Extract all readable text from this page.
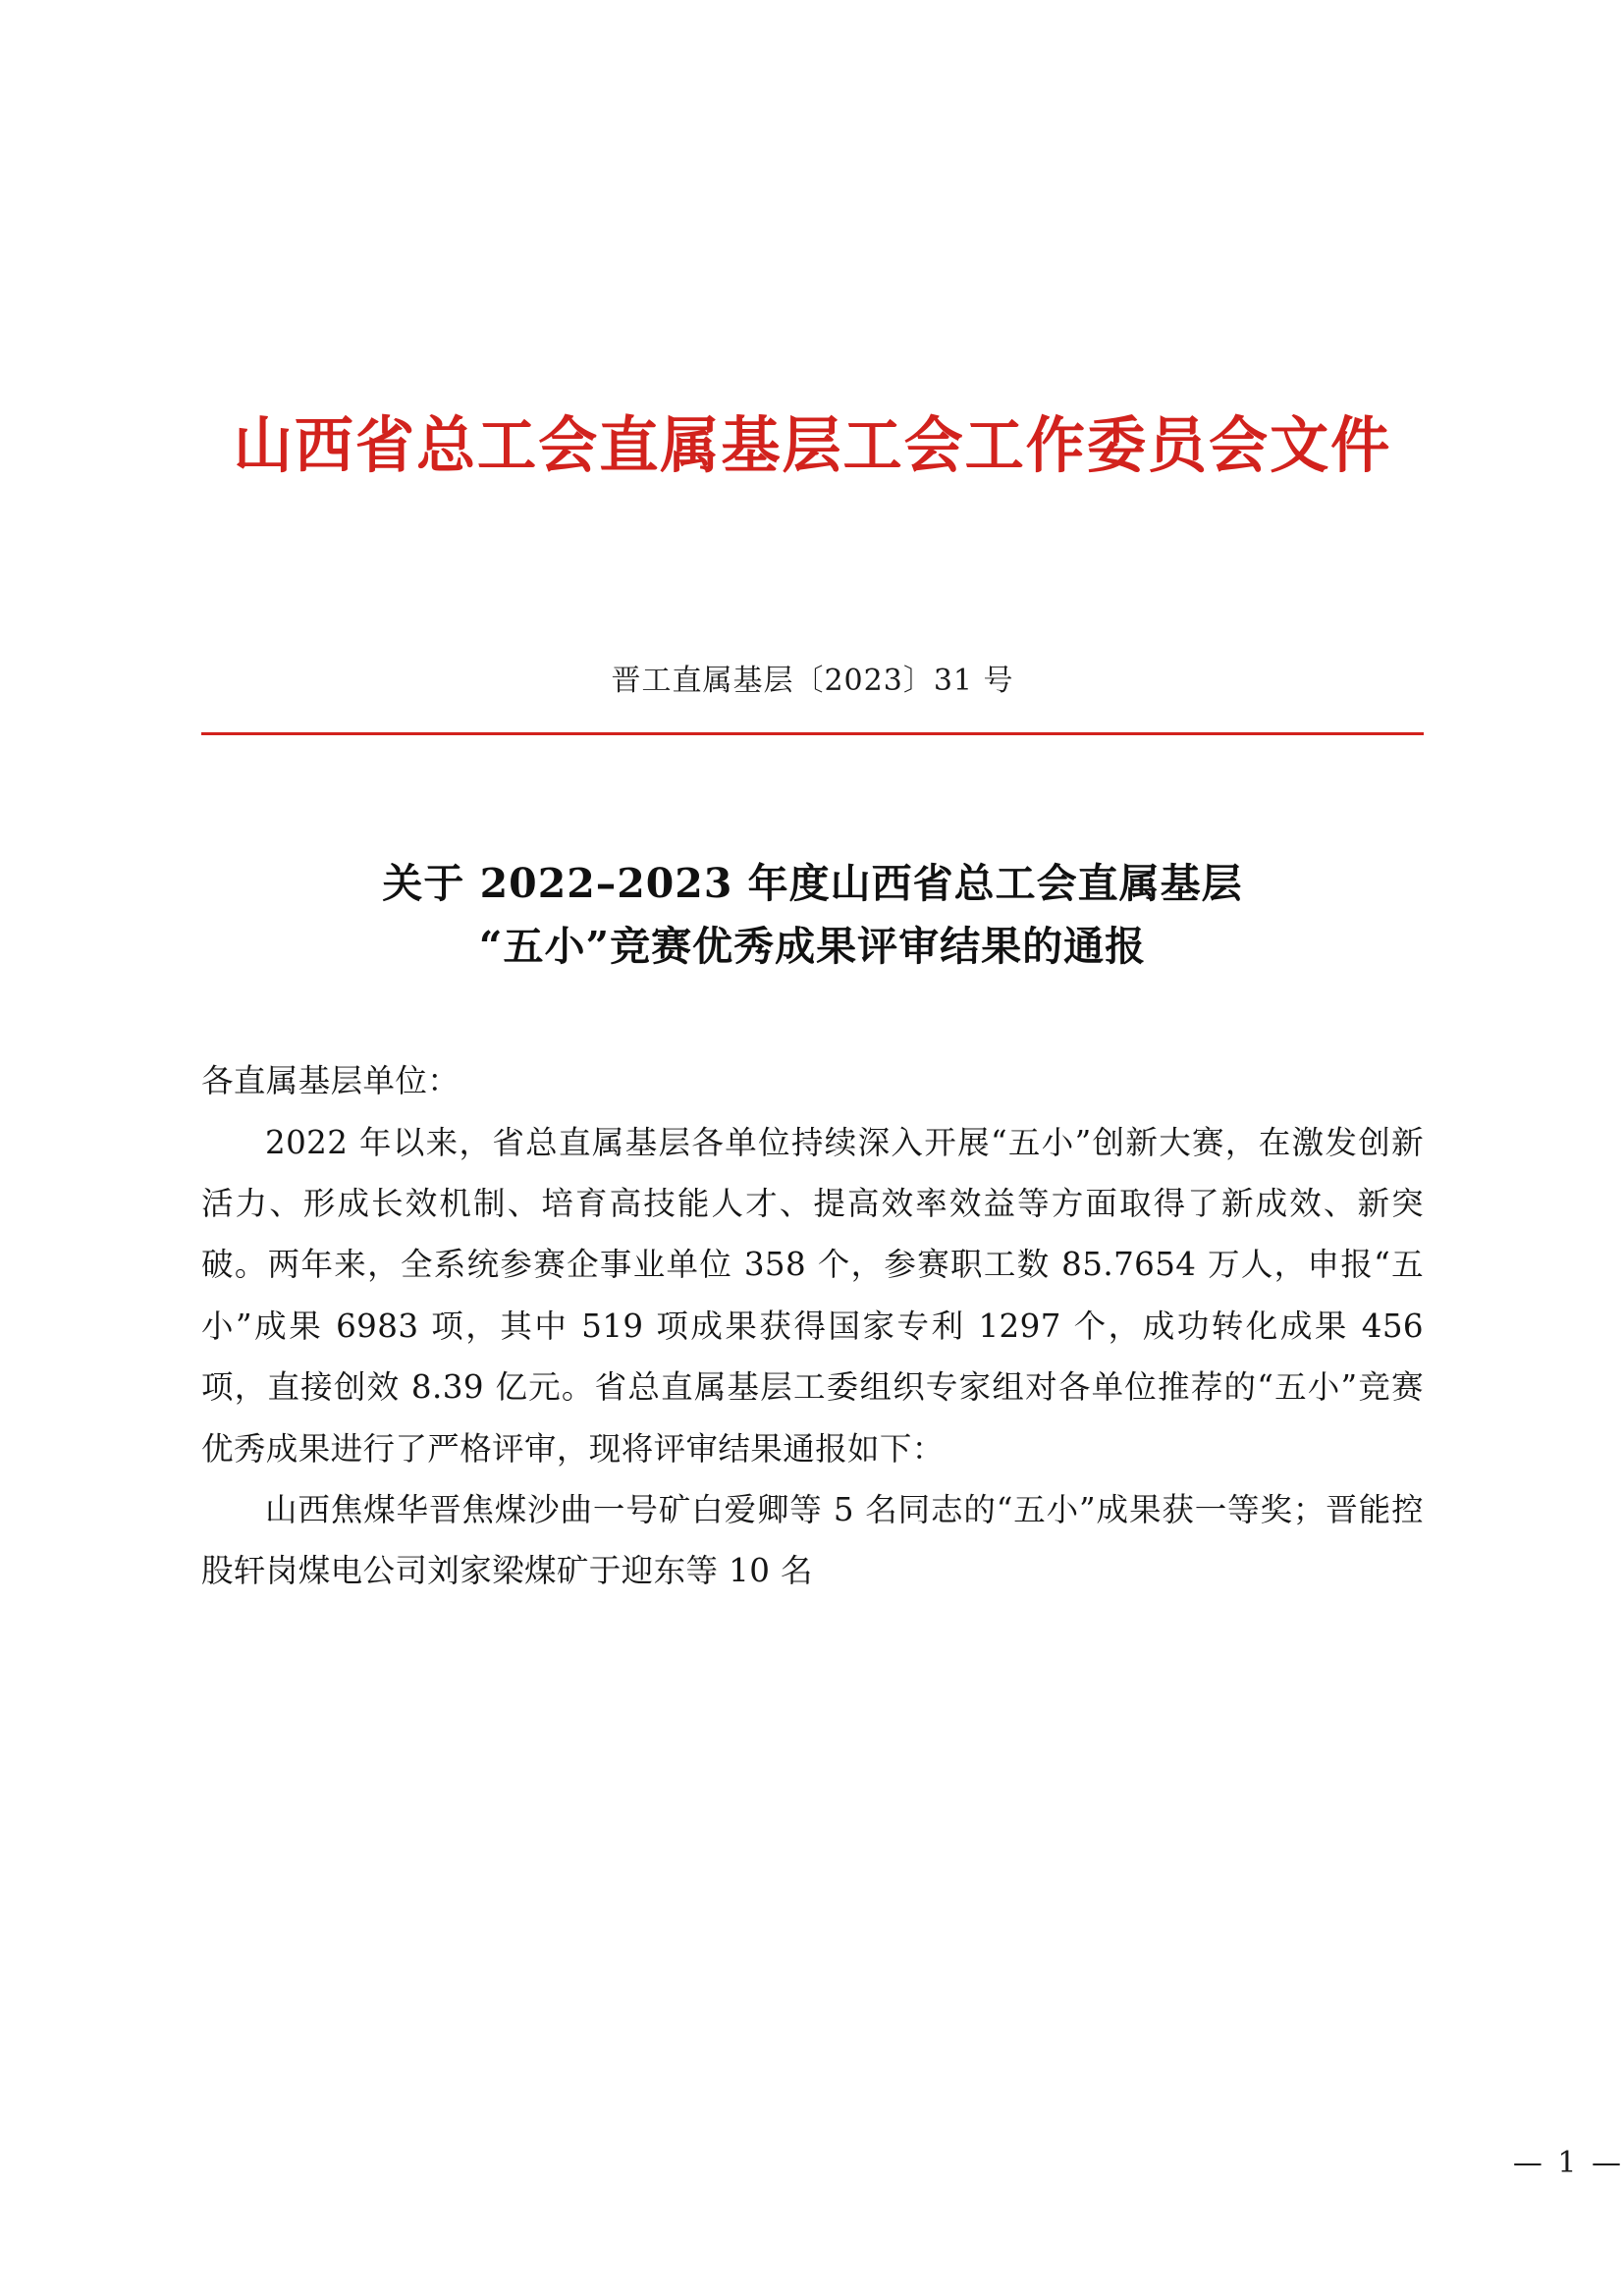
山西省总工会直属基层工会工作委员会文件
晋工直属基层〔2023〕31 号
关于 2022–2023 年度山西省总工会直属基层
“五小”竞赛优秀成果评审结果的通报

各直属基层单位：

2022 年以来，省总直属基层各单位持续深入开展“五小”创新大赛，在激发创新活力、形成长效机制、培育高技能人才、提高效率效益等方面取得了新成效、新突破。两年来，全系统参赛企事业单位 358 个，参赛职工数 85.7654 万人，申报“五小”成果 6983 项，其中 519 项成果获得国家专利 1297 个，成功转化成果 456 项，直接创效 8.39 亿元。省总直属基层工委组织专家组对各单位推荐的“五小”竞赛优秀成果进行了严格评审，现将评审结果通报如下：

山西焦煤华晋焦煤沙曲一号矿白爱卿等 5 名同志的“五小”成果获一等奖；晋能控股轩岗煤电公司刘家梁煤矿于迎东等 10 名

— 1 —
